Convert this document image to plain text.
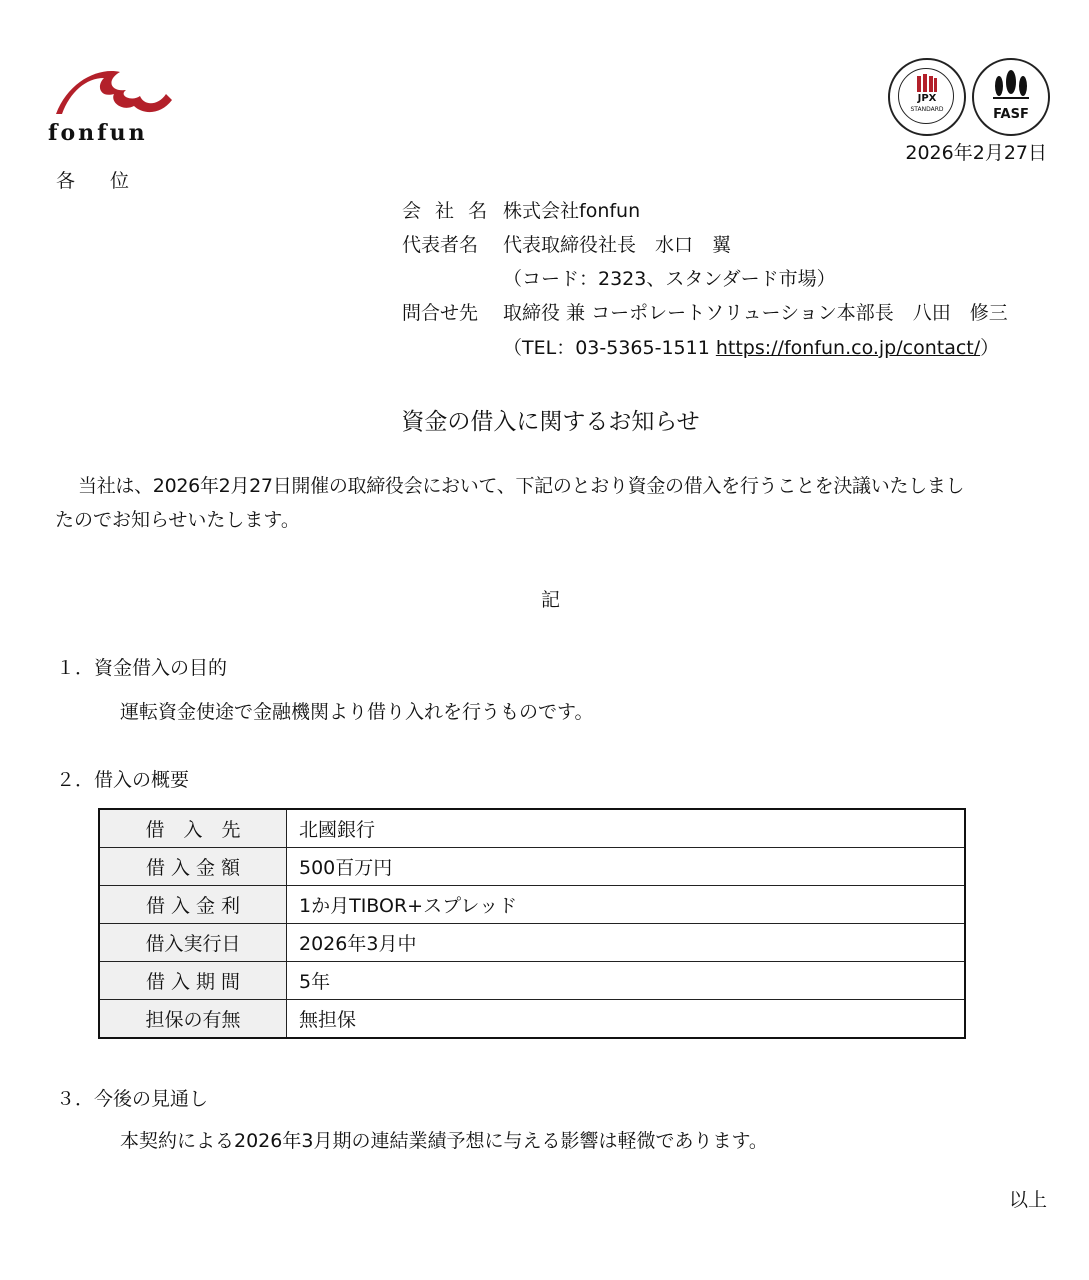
fonfun
JPX
STANDARD	FASF
2026年2月27日
各　位
会 社 名 株式会社fonfun
代表者名 代表取締役社長　水口　翼
（コード：2323、スタンダード市場）
問合せ先 取締役 兼 コーポレートソリューション本部長　八田　修三
（TEL：03-5365-1511 https://fonfun.co.jp/contact/）
資金の借入に関するお知らせ
当社は、2026年2月27日開催の取締役会において、下記のとおり資金の借入を行うことを決議いたしまし
たのでお知らせいたします。
記
１．資金借入の目的
運転資金使途で金融機関より借り入れを行うものです。
２．借入の概要
借　入　先	北國銀行
借 入 金 額	500百万円
借 入 金 利	1か月TIBOR+スプレッド
借入実行日	2026年3月中
借 入 期 間	5年
担保の有無	無担保
３．今後の見通し
本契約による2026年3月期の連結業績予想に与える影響は軽微であります。
以上
